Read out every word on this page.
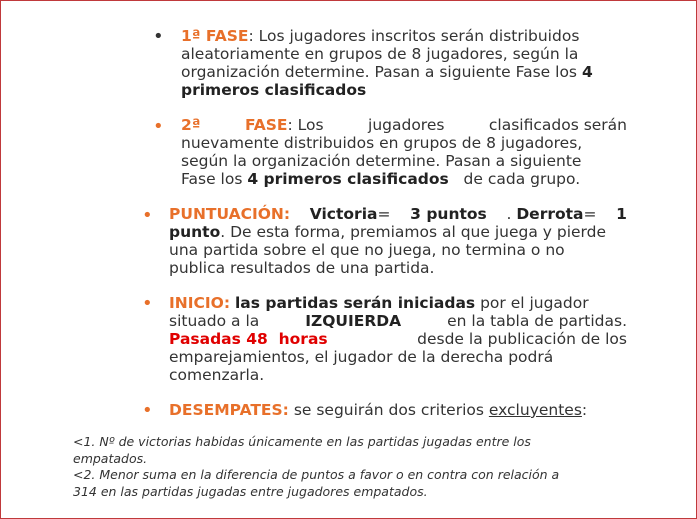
• 1ª FASE: Los jugadores inscritos serán distribuidos
aleatoriamente en grupos de 8 jugadores, según la
organización determine. Pasan a siguiente Fase los 4
primeros clasificados
• 2ª	FASE: Los	jugadores	clasificados serán
nuevamente distribuidos en grupos de 8 jugadores,
según la organización determine. Pasan a siguiente
Fase los 4 primeros clasificados   de cada grupo.
• PUNTUACIÓN: Victoria= 3 puntos . Derrota= 1
punto. De esta forma, premiamos al que juega y pierde
una partida sobre el que no juega, no termina o no
publica resultados de una partida.
• INICIO: las partidas serán iniciadas por el jugador
situado a la	IZQUIERDA	en la tabla de partidas.
Pasadas 48  horas	desde la publicación de los
emparejamientos, el jugador de la derecha podrá
comenzarla.
• DESEMPATES: se seguirán dos criterios excluyentes:
<1. Nº de victorias habidas únicamente en las partidas jugadas entre los
empatados.
<2. Menor suma en la diferencia de puntos a favor o en contra con relación a
314 en las partidas jugadas entre jugadores empatados.
